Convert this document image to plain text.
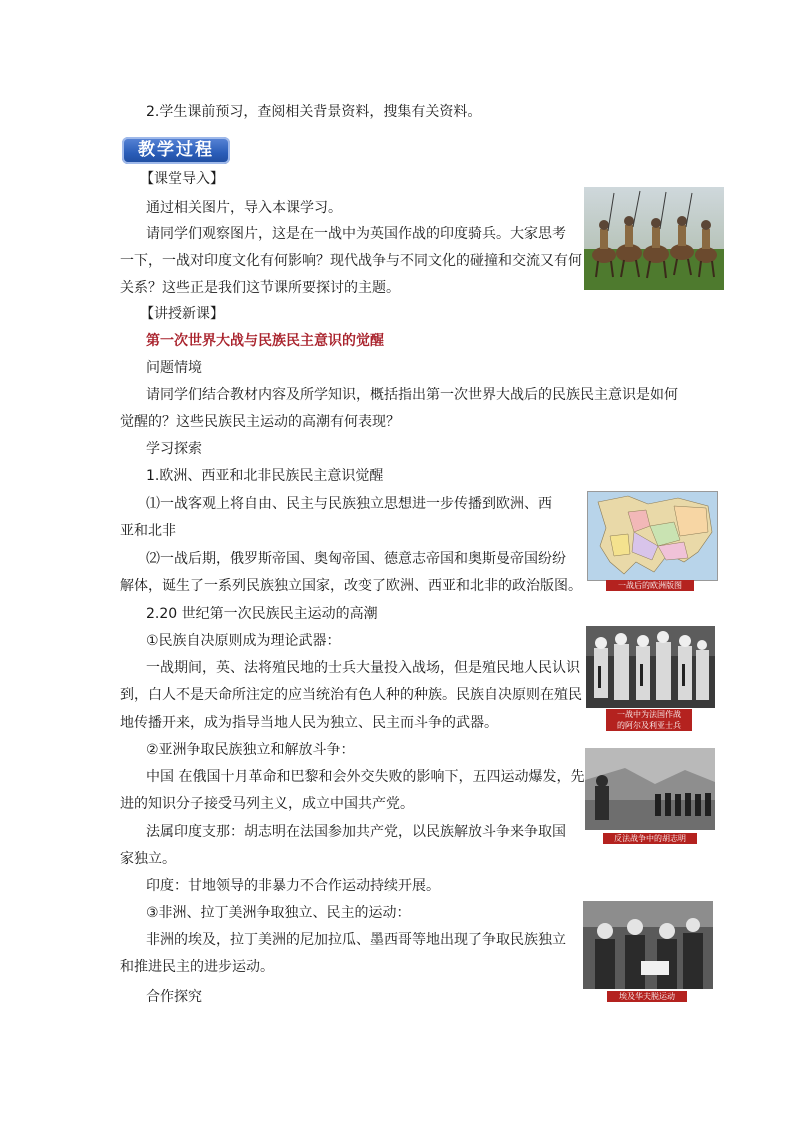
2.学生课前预习，查阅相关背景资料，搜集有关资料。
教学过程
【课堂导入】
通过相关图片，导入本课学习。
请同学们观察图片，这是在一战中为英国作战的印度骑兵。大家思考
一下，一战对印度文化有何影响？现代战争与不同文化的碰撞和交流又有何
关系？这些正是我们这节课所要探讨的主题。
【讲授新课】
第一次世界大战与民族民主意识的觉醒
问题情境
请同学们结合教材内容及所学知识，概括指出第一次世界大战后的民族民主意识是如何
觉醒的？这些民族民主运动的高潮有何表现？
学习探索
1.欧洲、西亚和北非民族民主意识觉醒
⑴一战客观上将自由、民主与民族独立思想进一步传播到欧洲、西
亚和北非
⑵一战后期，俄罗斯帝国、奥匈帝国、德意志帝国和奥斯曼帝国纷纷
解体，诞生了一系列民族独立国家，改变了欧洲、西亚和北非的政治版图。	一战后的欧洲版图
2.20 世纪第一次民族民主运动的高潮
①民族自决原则成为理论武器：
一战期间，英、法将殖民地的士兵大量投入战场，但是殖民地人民认识
到，白人不是天命所注定的应当统治有色人种的种族。民族自决原则在殖民
地传播开来，成为指导当地人民为独立、民主而斗争的武器。
一战中为法国作战
的阿尔及利亚士兵
②亚洲争取民族独立和解放斗争：
中国 在俄国十月革命和巴黎和会外交失败的影响下，五四运动爆发，先
进的知识分子接受马列主义，成立中国共产党。
法属印度支那：胡志明在法国参加共产党，以民族解放斗争来争取国
家独立。
印度：甘地领导的非暴力不合作运动持续开展。
反法战争中的胡志明
③非洲、拉丁美洲争取独立、民主的运动：
非洲的埃及，拉丁美洲的尼加拉瓜、墨西哥等地出现了争取民族独立
和推进民主的进步运动。
埃及华夫脱运动
合作探究
